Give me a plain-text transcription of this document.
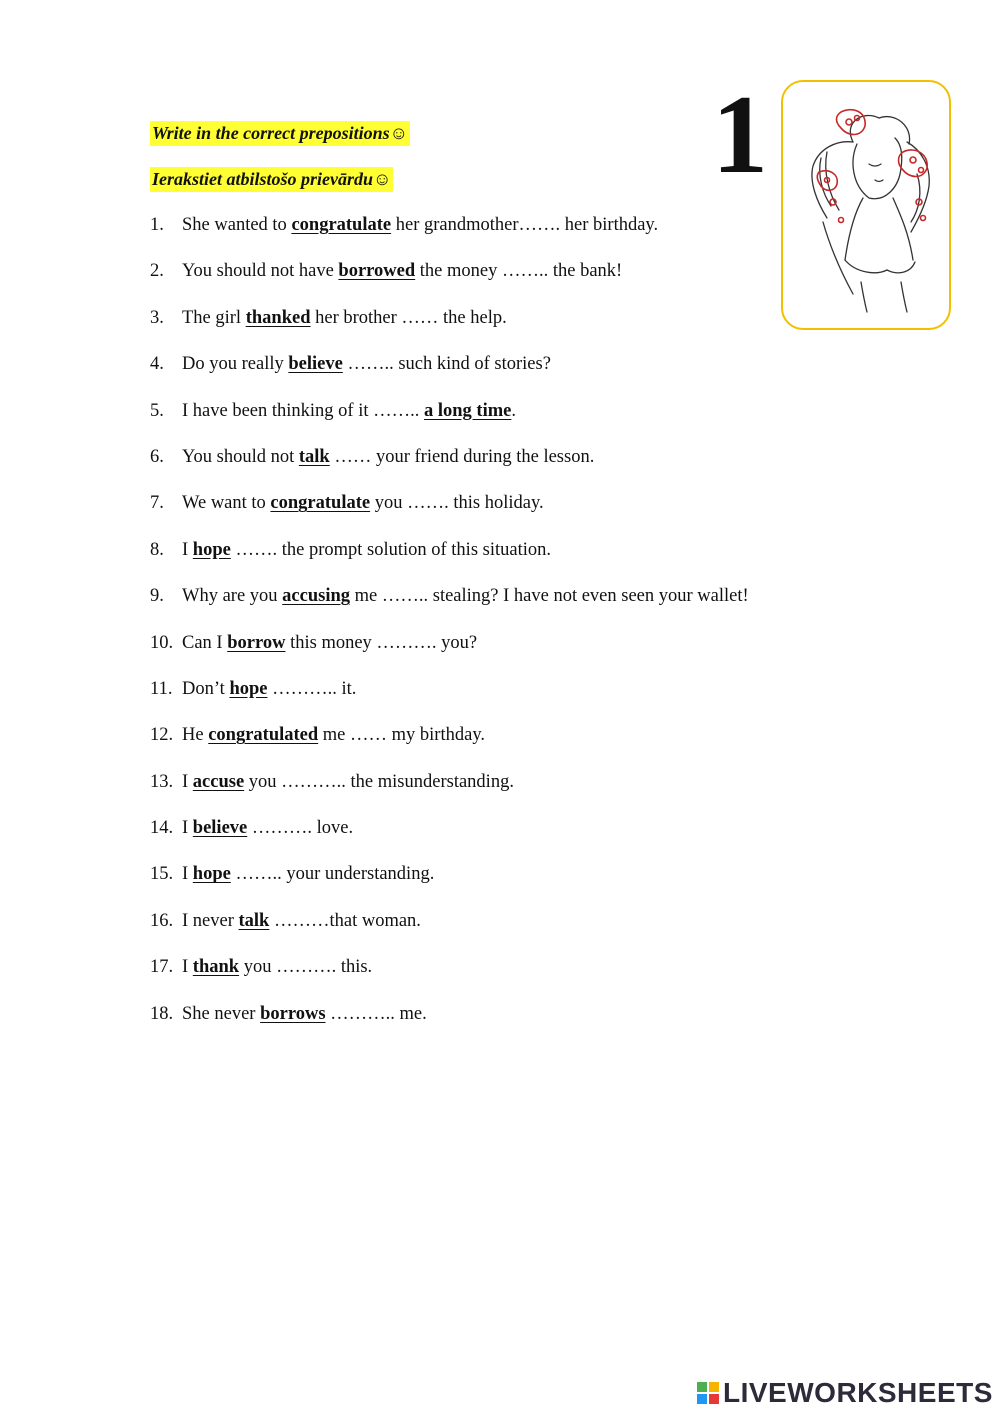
Write in the correct prepositions☺
Ierakstiet atbilstošo prievārdu☺	1
1. She wanted to congratulate her grandmother……. her birthday.
2. You should not have borrowed the money …….. the bank!
3. The girl thanked her brother …… the help.
4. Do you really believe …….. such kind of stories?
5. I have been thinking of it …….. a long time.
6. You should not talk …… your friend during the lesson.
7. We want to congratulate you ……. this holiday.
8. I hope ……. the prompt solution of this situation.
9. Why are you accusing me …….. stealing? I have not even seen your wallet!
10. Can I borrow this money ………. you?
11. Don’t hope ……….. it.
12. He congratulated me …… my birthday.
13. I accuse you ……….. the misunderstanding.
14. I believe ………. love.
15. I hope …….. your understanding.
16. I never talk ………that woman.
17. I thank you ………. this.
18. She never borrows ……….. me.
LIVEWORKSHEETS
